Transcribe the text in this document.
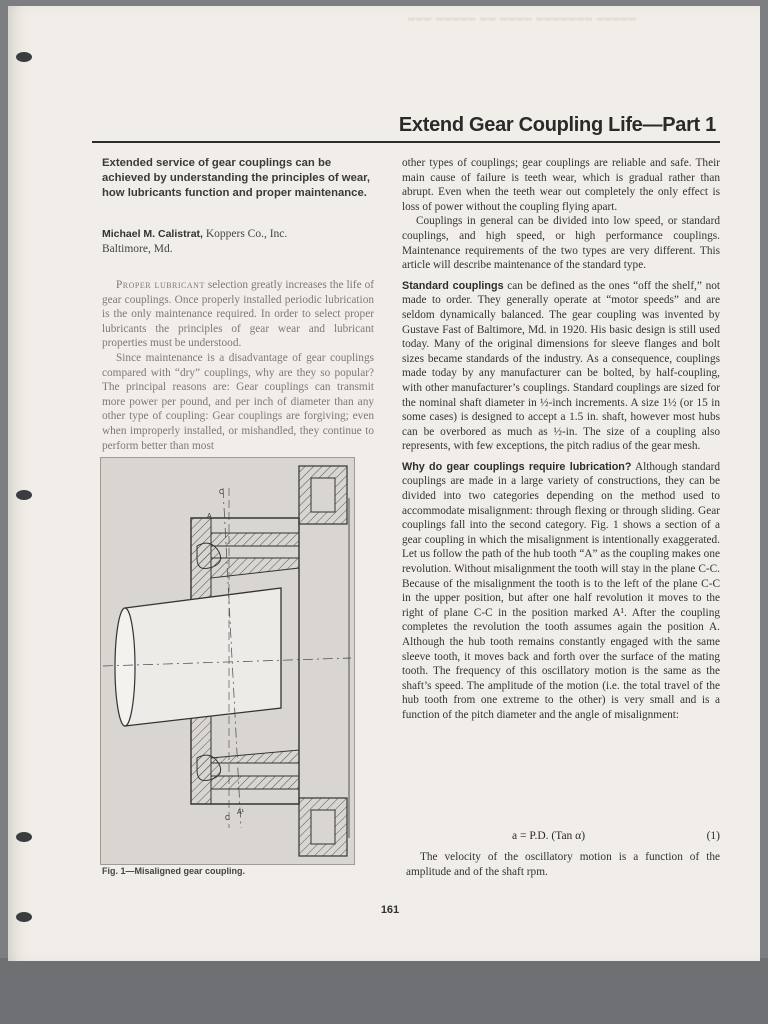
═══ ═════ ══ ════ ═══════ ═════
Extend Gear Coupling Life—Part 1
Extended service of gear couplings can be achieved by understanding the principles of wear, how lubricants function and proper maintenance.
Michael M. Calistrat, Koppers Co., Inc.
Baltimore, Md.

Proper lubricant selection greatly increases the life of gear couplings. Once properly installed periodic lubrication is the only maintenance required. In order to select proper lubricants the principles of gear wear and lubricant properties must be understood.

Since maintenance is a disadvantage of gear couplings compared with “dry” couplings, why are they so popular? The principal reasons are: Gear couplings can transmit more power per pound, and per inch of diameter than any other type of coupling: Gear couplings are forgiving; even when improperly installed, or mishandled, they continue to perform better than most

C
A
C
A¹
Fig. 1—Misaligned gear coupling.

other types of couplings; gear couplings are reliable and safe. Their main cause of failure is teeth wear, which is gradual rather than abrupt. Even when the teeth wear out completely the only effect is loss of power without the coupling flying apart.

Couplings in general can be divided into low speed, or standard couplings, and high speed, or high performance couplings. Maintenance requirements of the two types are very different. This article will describe maintenance of the standard type.

Standard couplings can be defined as the ones “off the shelf,” not made to order. They generally operate at “motor speeds” and are seldom dynamically balanced. The gear coupling was invented by Gustave Fast of Baltimore, Md. in 1920. His basic design is still used today. Many of the original dimensions for sleeve flanges and bolt sizes became standards of the industry. As a consequence, couplings made today by any manufacturer can be bolted, by half-coupling, with other manufacturer’s couplings. Standard couplings are sized for the nominal shaft diameter in ½-inch increments. A size 1½ (or 15 in some cases) is designed to accept a 1.5 in. shaft, however most hubs can be overbored as much as ½-in. The size of a coupling also represents, with few exceptions, the pitch radius of the gear mesh.

Why do gear couplings require lubrication? Although standard couplings are made in a large variety of constructions, they can be divided into two categories depending on the method used to accommodate misalignment: through flexing or through sliding. Gear couplings fall into the second category. Fig. 1 shows a section of a gear coupling in which the misalignment is intentionally exaggerated. Let us follow the path of the hub tooth “A” as the coupling makes one revolution. Without misalignment the tooth will stay in the plane C-C. Because of the misalignment the tooth is to the left of the plane C-C in the upper position, but after one half revolution it moves to the right of plane C-C in the position marked A¹. After the coupling completes the revolution the tooth assumes again the position A. Although the hub tooth remains constantly engaged with the same sleeve tooth, it moves back and forth over the surface of the mating tooth. The frequency of this oscillatory motion is the same as the shaft’s speed. The amplitude of the motion (i.e. the total travel of the hub tooth from one extreme to the other) is very small and is a function of the pitch diameter and the angle of misalignment:

a = P.D. (Tan α)	(1)

The velocity of the oscillatory motion is a function of the amplitude and of the shaft rpm.

161
